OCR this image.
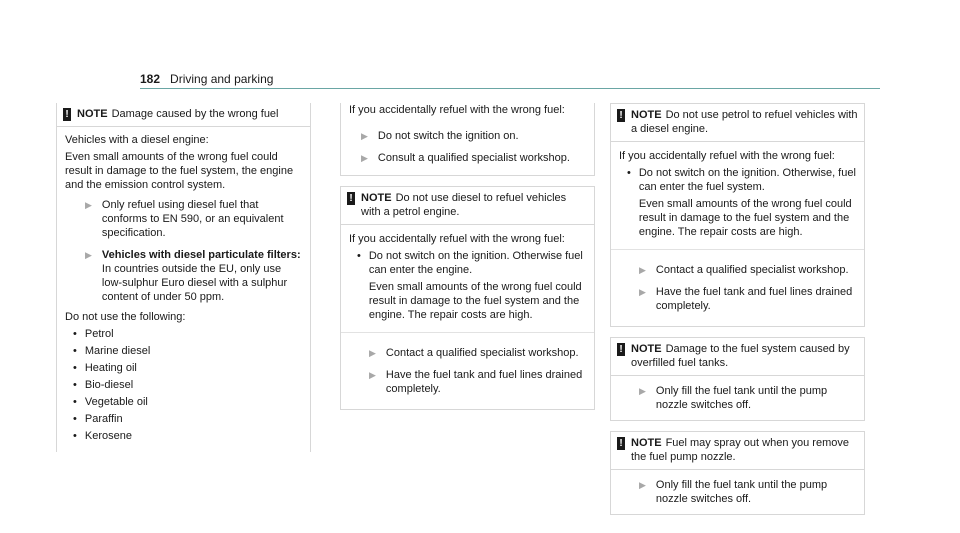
182 Driving and parking
! NOTE Damage caused by the wrong fuel
Vehicles with a diesel engine:
Even small amounts of the wrong fuel could result in damage to the fuel system, the engine and the emission control system.
▶ Only refuel using diesel fuel that conforms to EN 590, or an equivalent specification.
▶ Vehicles with diesel particulate filters: In countries outside the EU, only use low-sulphur Euro diesel with a sulphur content of under 50 ppm.
Do not use the following:
• Petrol
• Marine diesel
• Heating oil
• Bio-diesel
• Vegetable oil
• Paraffin
• Kerosene
If you accidentally refuel with the wrong fuel:
▶ Do not switch the ignition on.
▶ Consult a qualified specialist workshop.
! NOTE Do not use diesel to refuel vehicles with a petrol engine.
If you accidentally refuel with the wrong fuel:
• Do not switch on the ignition. Otherwise fuel can enter the engine.
Even small amounts of the wrong fuel could result in damage to the fuel system and the engine. The repair costs are high.
▶ Contact a qualified specialist workshop.
▶ Have the fuel tank and fuel lines drained completely.
! NOTE Do not use petrol to refuel vehicles with a diesel engine.
If you accidentally refuel with the wrong fuel:
• Do not switch on the ignition. Otherwise, fuel can enter the fuel system.
Even small amounts of the wrong fuel could result in damage to the fuel system and the engine. The repair costs are high.
▶ Contact a qualified specialist workshop.
▶ Have the fuel tank and fuel lines drained completely.
! NOTE Damage to the fuel system caused by overfilled fuel tanks.
▶ Only fill the fuel tank until the pump nozzle switches off.
! NOTE Fuel may spray out when you remove the fuel pump nozzle.
▶ Only fill the fuel tank until the pump nozzle switches off.
